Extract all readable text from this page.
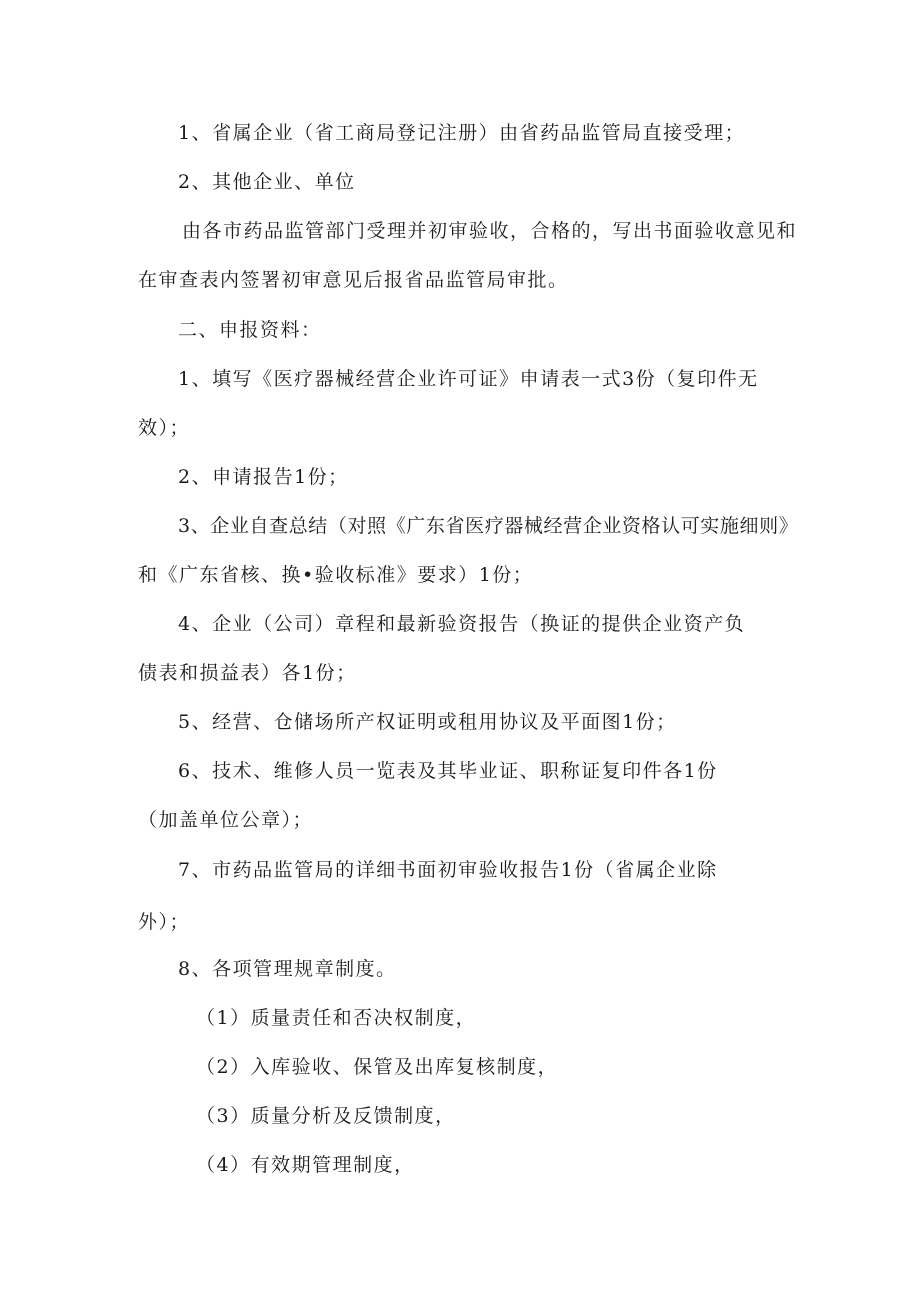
1、省属企业（省工商局登记注册）由省药品监管局直接受理；

2、其他企业、单位

由各市药品监管部门受理并初审验收，合格的，写出书面验收意见和

在审查表内签署初审意见后报省品监管局审批。

二、申报资料：

1、填写《医疗器械经营企业许可证》申请表一式3份（复印件无

效）；

2、申请报告1份；

3、企业自查总结（对照《广东省医疗器械经营企业资格认可实施细则》

和《广东省核、换•验收标准》要求）1份；

4、企业（公司）章程和最新验资报告（换证的提供企业资产负

债表和损益表）各1份；

5、经营、仓储场所产权证明或租用协议及平面图1份；

6、技术、维修人员一览表及其毕业证、职称证复印件各1份

（加盖单位公章）；

7、市药品监管局的详细书面初审验收报告1份（省属企业除

外）；

8、各项管理规章制度。

（1）质量责任和否决权制度，

（2）入库验收、保管及出库复核制度，

（3）质量分析及反馈制度，

（4）有效期管理制度，
